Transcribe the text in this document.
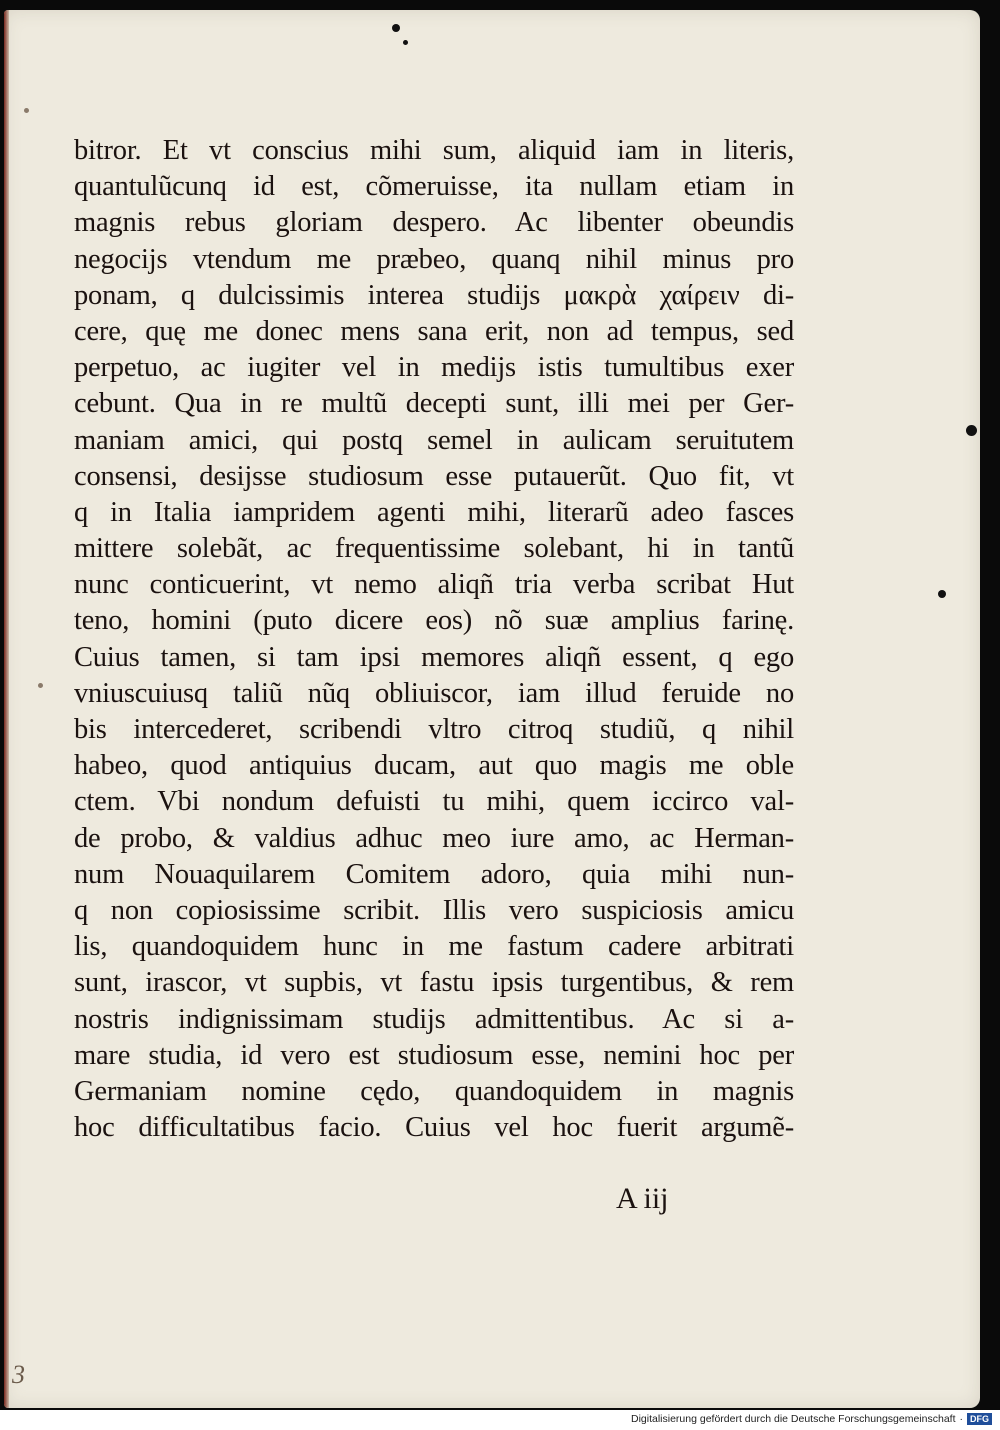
bitror. Et vt conscius mihi sum, aliquid iam in literis,
quantulũcunq id est, cõmeruisse, ita nullam etiam in
magnis rebus gloriam despero. Ac libenter obeundis
negocijs vtendum me præbeo, quanq nihil minus pro
ponam, q dulcissimis interea studijs μακρὰ χαίρειν di-
cere, quę me donec mens sana erit, non ad tempus, sed
perpetuo, ac iugiter vel in medijs istis tumultibus exer
cebunt. Qua in re multũ decepti sunt, illi mei per Ger-
maniam amici, qui postq semel in aulicam seruitutem
consensi, desijsse studiosum esse putauerũt. Quo fit, vt
q in Italia iampridem agenti mihi, literarũ adeo fasces
mittere solebãt, ac frequentissime solebant, hi in tantũ
nunc conticuerint, vt nemo aliqñ tria verba scribat Hut
teno, homini (puto dicere eos) nõ suæ amplius farinę.
Cuius tamen, si tam ipsi memores aliqñ essent, q ego
vniuscuiusq taliũ nũq obliuiscor, iam illud feruide no
bis intercederet, scribendi vltro citroq studiũ, q nihil
habeo, quod antiquius ducam, aut quo magis me oble
ctem. Vbi nondum defuisti tu mihi, quem iccirco val-
de probo, & valdius adhuc meo iure amo, ac Herman-
num Nouaquilarem Comitem adoro, quia mihi nun-
q non copiosissime scribit. Illis vero suspiciosis amicu
lis, quandoquidem hunc in me fastum cadere arbitrati
sunt, irascor, vt supbis, vt fastu ipsis turgentibus, & rem
nostris indignissimam studijs admittentibus. Ac si a-
mare studia, id vero est studiosum esse, nemini hoc per
Germaniam nomine cędo, quandoquidem in magnis
hoc difficultatibus facio. Cuius vel hoc fuerit argumẽ-
A iij
3
Digitalisierung gefördert durch die Deutsche Forschungsgemeinschaft · DFG
